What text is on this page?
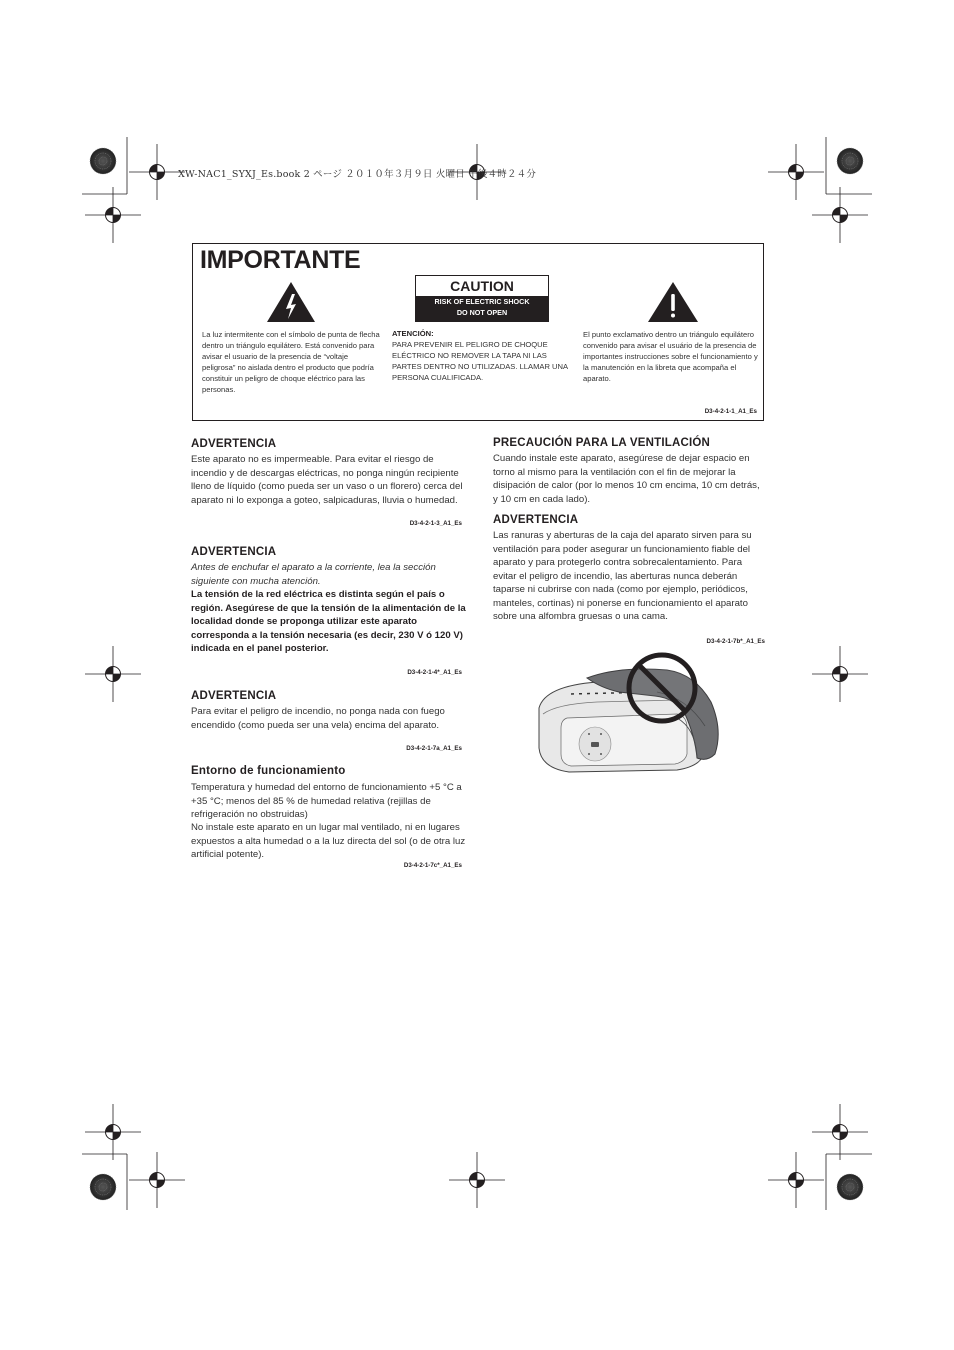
XW-NAC1_SYXJ_Es.book 2 ページ ２０１０年３月９日 火曜日 午後４時２４分
IMPORTANTE
CAUTION
RISK OF ELECTRIC SHOCK
DO NOT OPEN
La luz intermitente con el símbolo de punta de flecha dentro un triángulo equilátero. Está convenido para avisar el usuario de la presencia de “voltaje peligrosa” no aislada dentro el producto que podría constituir un peligro de choque eléctrico para las personas.
ATENCIÓN:
PARA PREVENIR EL PELIGRO DE CHOQUE ELÉCTRICO NO REMOVER LA TAPA NI LAS PARTES DENTRO NO UTILIZADAS. LLAMAR UNA PERSONA CUALIFICADA.
El punto exclamativo dentro un triángulo equilátero convenido para avisar el usuário de la presencia de importantes instrucciones sobre el funcionamiento y la manutención en la libreta que acompaña el aparato.
D3-4-2-1-1_A1_Es
ADVERTENCIA
Este aparato no es impermeable. Para evitar el riesgo de incendio y de descargas eléctricas, no ponga ningún recipiente lleno de líquido (como pueda ser un vaso o un florero) cerca del aparato ni lo exponga a goteo, salpicaduras, lluvia o humedad.
D3-4-2-1-3_A1_Es
ADVERTENCIA
Antes de enchufar el aparato a la corriente, lea la sección siguiente con mucha atención.
La tensión de la red eléctrica es distinta según el país o región. Asegúrese de que la tensión de la alimentación de la localidad donde se proponga utilizar este aparato corresponda a la tensión necesaria (es decir, 230 V ó 120 V) indicada en el panel posterior.
D3-4-2-1-4*_A1_Es
ADVERTENCIA
Para evitar el peligro de incendio, no ponga nada con fuego encendido (como pueda ser una vela) encima del aparato.
D3-4-2-1-7a_A1_Es
Entorno de funcionamiento
Temperatura y humedad del entorno de funcionamiento +5 °C a +35 °C; menos del 85 % de humedad relativa (rejillas de refrigeración no obstruidas)
No instale este aparato en un lugar mal ventilado, ni en lugares expuestos a alta humedad o a la luz directa del sol (o de otra luz artificial potente).
D3-4-2-1-7c*_A1_Es
PRECAUCIÓN PARA LA VENTILACIÓN
Cuando instale este aparato, asegúrese de dejar espacio en torno al mismo para la ventilación con el fin de mejorar la disipación de calor (por lo menos 10 cm encima, 10 cm detrás, y 10 cm en cada lado).
ADVERTENCIA
Las ranuras y aberturas de la caja del aparato sirven para su ventilación para poder asegurar un funcionamiento fiable del aparato y para protegerlo contra sobrecalentamiento. Para evitar el peligro de incendio, las aberturas nunca deberán taparse ni cubrirse con nada (como por ejemplo, periódicos, manteles, cortinas) ni ponerse en funcionamiento el aparato sobre una alfombra gruesas o una cama.
D3-4-2-1-7b*_A1_Es
